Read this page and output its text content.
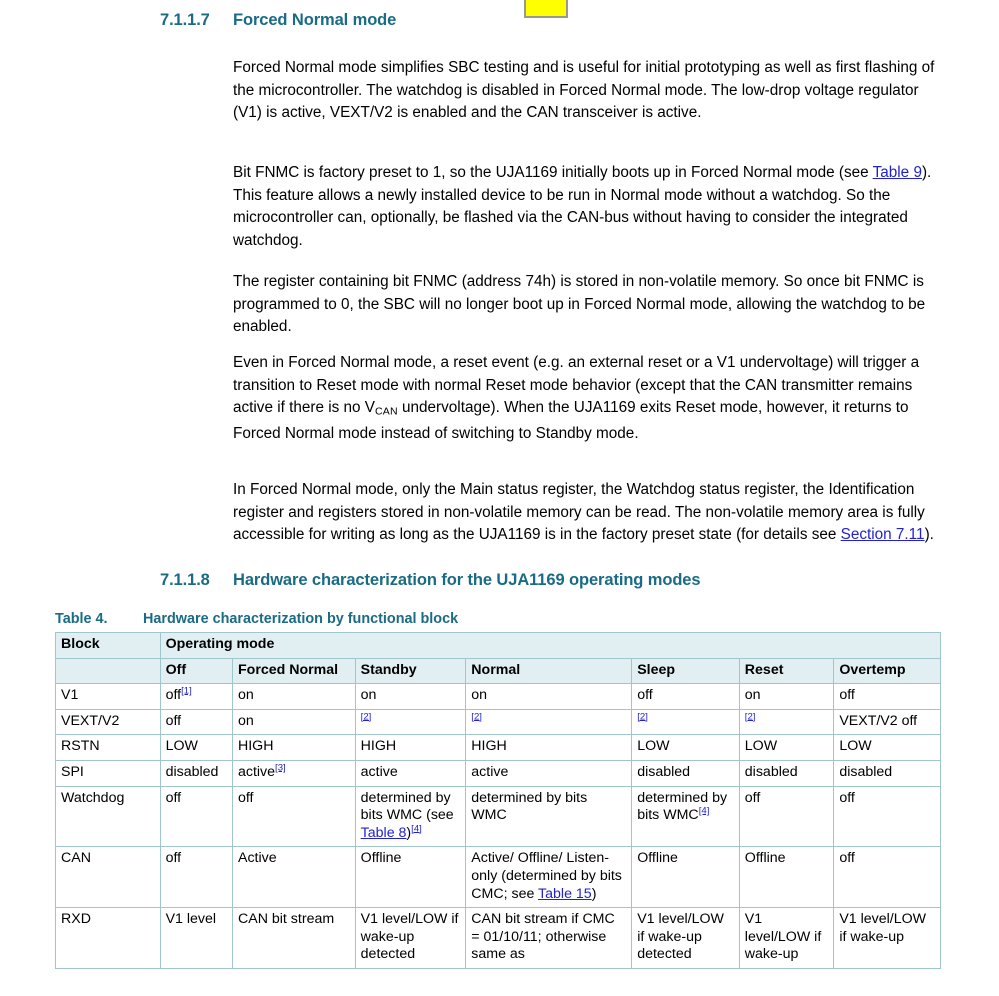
7.1.1.7 Forced Normal mode

Forced Normal mode simplifies SBC testing and is useful for initial prototyping as well as first flashing of the microcontroller. The watchdog is disabled in Forced Normal mode. The low-drop voltage regulator (V1) is active, VEXT/V2 is enabled and the CAN transceiver is active.

Bit FNMC is factory preset to 1, so the UJA1169 initially boots up in Forced Normal mode (see Table 9). This feature allows a newly installed device to be run in Normal mode without a watchdog. So the microcontroller can, optionally, be flashed via the CAN-bus without having to consider the integrated watchdog.

The register containing bit FNMC (address 74h) is stored in non-volatile memory. So once bit FNMC is programmed to 0, the SBC will no longer boot up in Forced Normal mode, allowing the watchdog to be enabled.

Even in Forced Normal mode, a reset event (e.g. an external reset or a V1 undervoltage) will trigger a transition to Reset mode with normal Reset mode behavior (except that the CAN transmitter remains active if there is no $V_{CAN}$ undervoltage). When the UJA1169 exits Reset mode, however, it returns to Forced Normal mode instead of switching to Standby mode.

In Forced Normal mode, only the Main status register, the Watchdog status register, the Identification register and registers stored in non-volatile memory can be read. The non-volatile memory area is fully accessible for writing as long as the UJA1169 is in the factory preset state (for details see Section 7.11).

7.1.1.8 Hardware characterization for the UJA1169 operating modes
Table 4. Hardware characterization by functional block
Block	Operating mode						
	Off	Forced Normal	Standby	Normal	Sleep	Reset	Overtemp
V1	off[1]	on	on	on	off	on	off
VEXT/V2	off	on	[2]	[2]	[2]	[2]	VEXT/V2 off
RSTN	LOW	HIGH	HIGH	HIGH	LOW	LOW	LOW
SPI	disabled	active[3]	active	active	disabled	disabled	disabled
Watchdog	off	off	determined by bits WMC (see Table 8)[4]	determined by bits WMC	determined by bits WMC[4]	off	off
CAN	off	Active	Offline	Active/ Offline/ Listen-only (determined by bits CMC; see Table 15)	Offline	Offline	off
RXD	V1 level	CAN bit stream	V1 level/LOW if wake-up detected	CAN bit stream if CMC = 01/10/11; otherwise same as	V1 level/LOW if wake-up detected	V1 level/LOW if wake-up	V1 level/LOW if wake-up
